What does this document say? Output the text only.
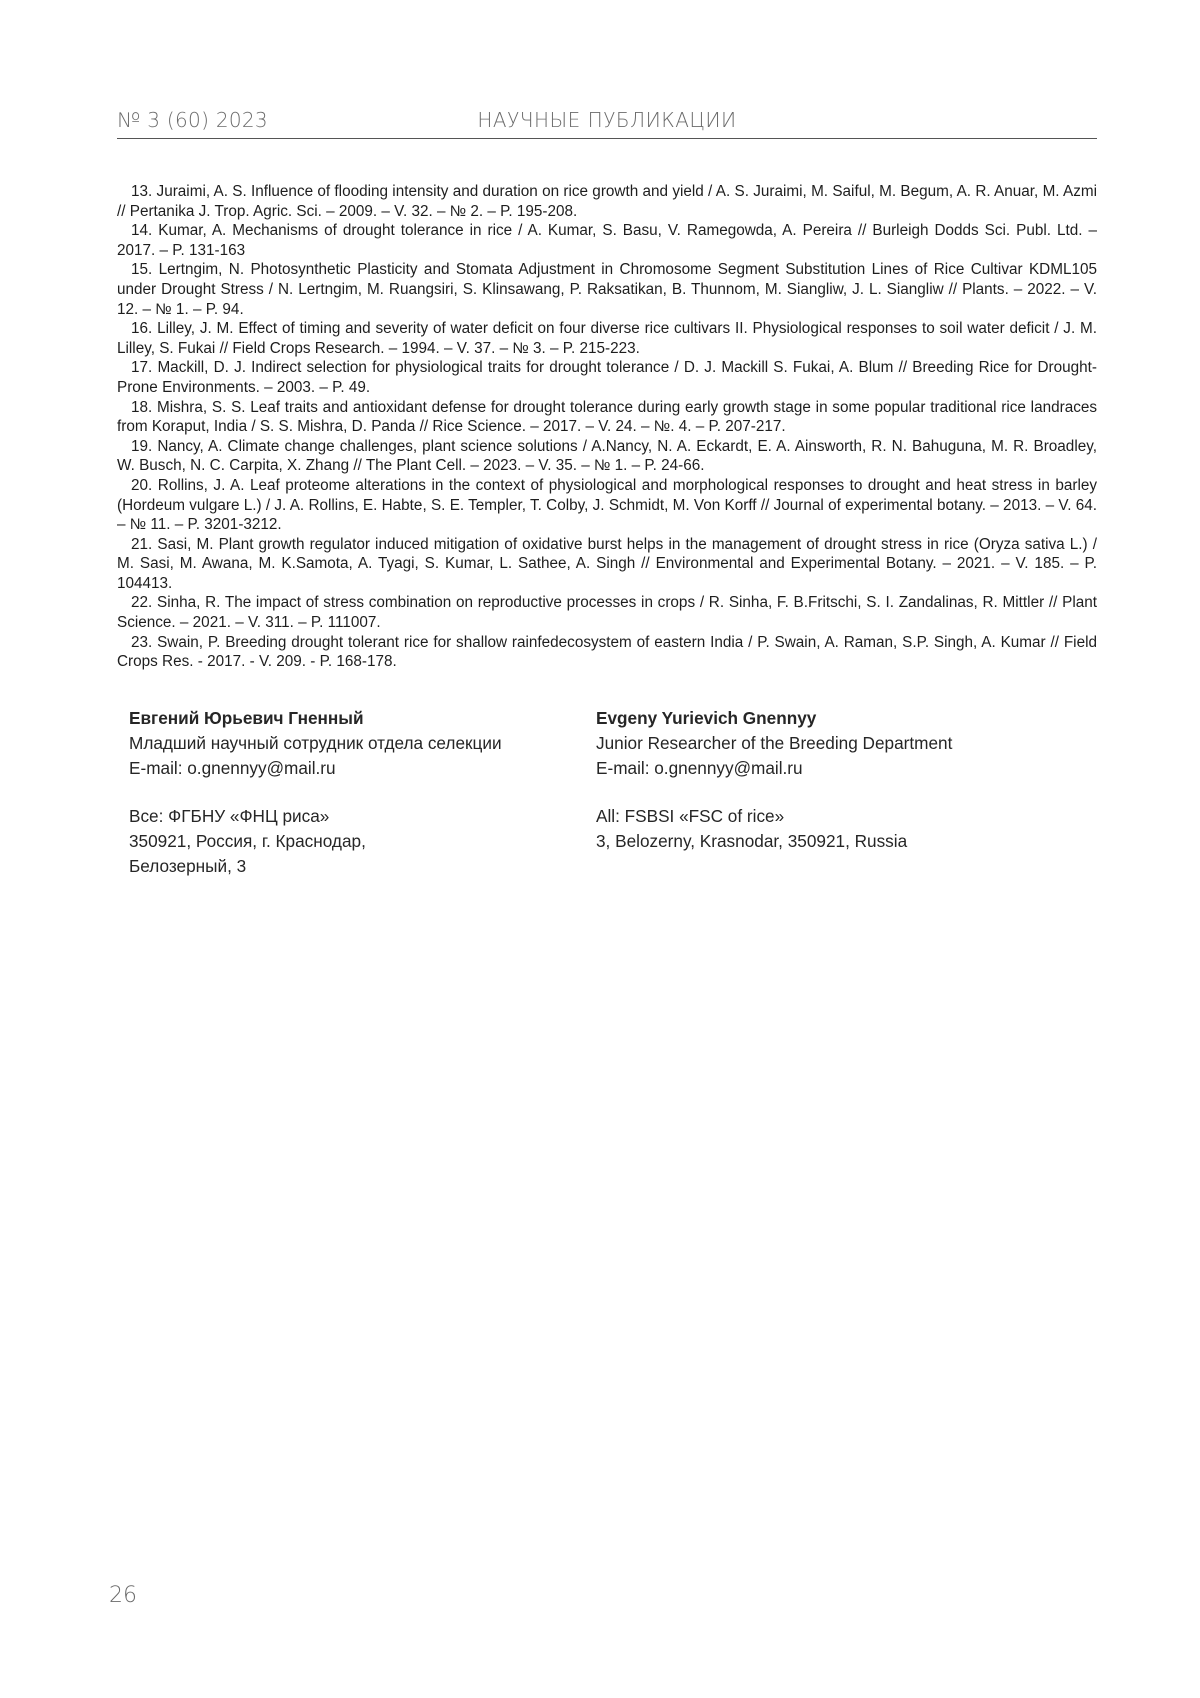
№ 3 (60) 2023	НАУЧНЫЕ ПУБЛИКАЦИИ

13. Juraimi, A. S. Influence of flooding intensity and duration on rice growth and yield / A. S. Juraimi, M. Saiful, M. Begum, A. R. Anuar, M. Azmi // Pertanika J. Trop. Agric. Sci. – 2009. – V. 32. – № 2. – P. 195-208.

14. Kumar, A. Mechanisms of drought tolerance in rice / A. Kumar, S. Basu, V. Ramegowda, A. Pereira // Burleigh Dodds Sci. Publ. Ltd. – 2017. – P. 131-163

15. Lertngim, N. Photosynthetic Plasticity and Stomata Adjustment in Chromosome Segment Substitution Lines of Rice Cultivar KDML105 under Drought Stress / N. Lertngim, M. Ruangsiri, S. Klinsawang, P. Raksatikan, B. Thunnom, M. Siangliw, J. L. Siangliw // Plants. – 2022. – V. 12. – № 1. – P. 94.

16. Lilley, J. M. Effect of timing and severity of water deficit on four diverse rice cultivars II. Physiological responses to soil water deficit / J. M. Lilley, S. Fukai // Field Crops Research. – 1994. – V. 37. – № 3. – P. 215-223.

17. Mackill, D. J. Indirect selection for physiological traits for drought tolerance / D. J. Mackill S. Fukai, A. Blum // Breeding Rice for Drought-Prone Environments. – 2003. – P. 49.

18. Mishra, S. S. Leaf traits and antioxidant defense for drought tolerance during early growth stage in some popular traditional rice landraces from Koraput, India / S. S. Mishra, D. Panda // Rice Science. – 2017. – V. 24. – №. 4. – P. 207-217.

19. Nancy, A. Climate change challenges, plant science solutions / A.Nancy, N. A. Eckardt, E. A. Ainsworth, R. N. Bahuguna, M. R. Broadley, W. Busch, N. C. Carpita, X. Zhang // The Plant Cell. – 2023. – V. 35. – № 1. – P. 24-66.

20. Rollins, J. A. Leaf proteome alterations in the context of physiological and morphological responses to drought and heat stress in barley (Hordeum vulgare L.) / J. A. Rollins, E. Habte, S. E. Templer, T. Colby, J. Schmidt, M. Von Korff // Journal of experimental botany. – 2013. – V. 64. – № 11. – P. 3201-3212.

21. Sasi, M. Plant growth regulator induced mitigation of oxidative burst helps in the management of drought stress in rice (Oryza sativa L.) / M. Sasi, M. Awana, M. K.Samota, A. Tyagi, S. Kumar, L. Sathee, A. Singh // Environmental and Experimental Botany. – 2021. – V. 185. – P. 104413.

22. Sinha, R. The impact of stress combination on reproductive processes in crops / R. Sinha, F. B.Fritschi, S. I. Zandalinas, R. Mittler // Plant Science. – 2021. – V. 311. – P. 111007.

23. Swain, P. Breeding drought tolerant rice for shallow rainfedecosystem of eastern India / P. Swain, A. Raman, S.P. Singh, A. Kumar // Field Crops Res. - 2017. - V. 209. - P. 168-178.

Евгений Юрьевич Гненный
Младший научный сотрудник отдела селекции
E-mail: o.gnennyy@mail.ru
Все: ФГБНУ «ФНЦ риса»
350921, Россия, г. Краснодар,
Белозерный, 3
Evgeny Yurievich Gnennyy
Junior Researcher of the Breeding Department
E-mail: o.gnennyy@mail.ru
All: FSBSI «FSC of rice»
3, Belozerny, Krasnodar, 350921, Russia
26
